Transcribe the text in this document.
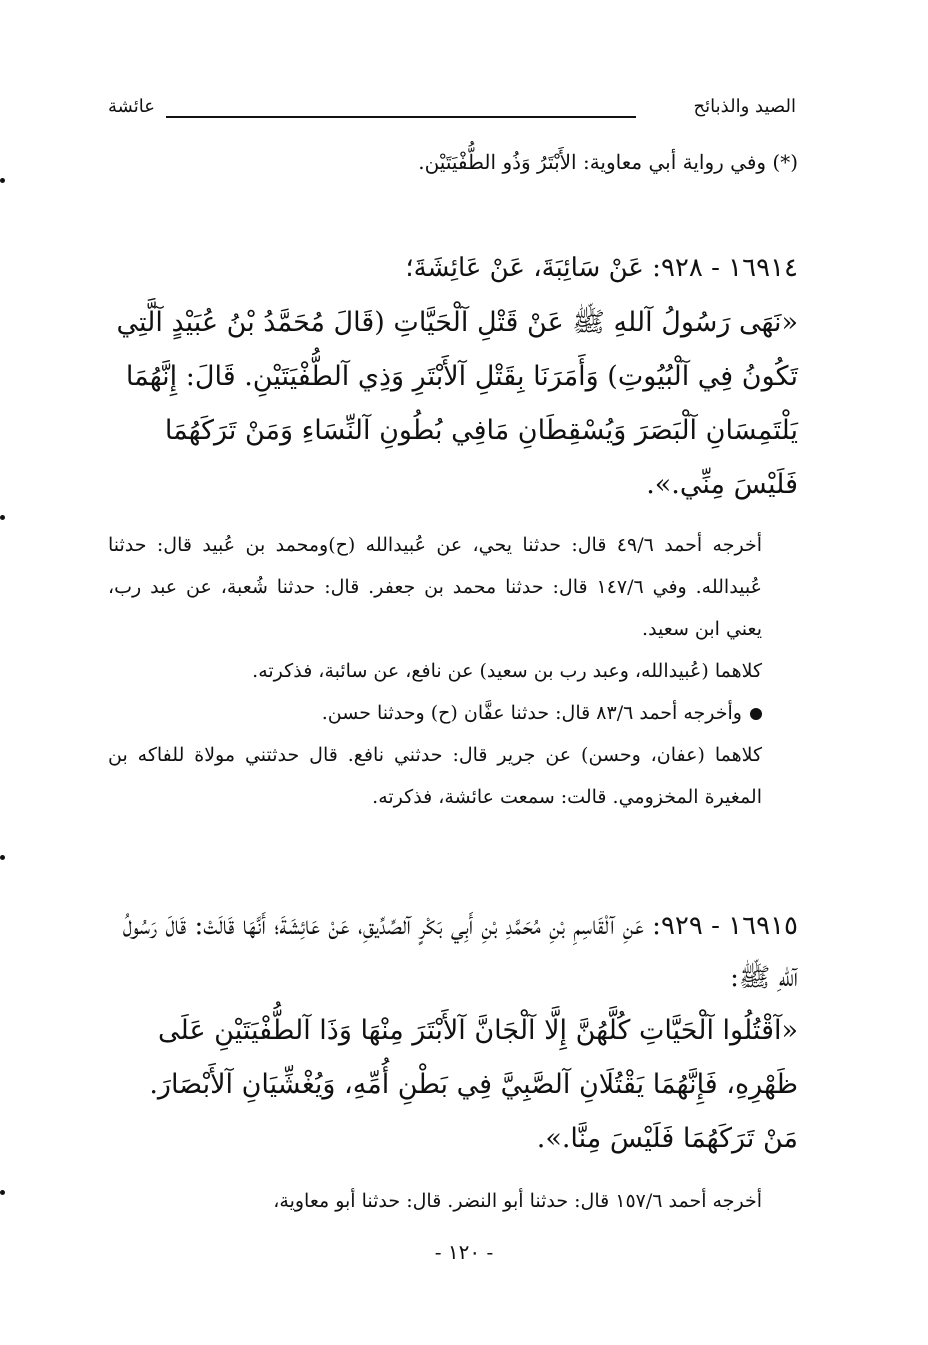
الصيد والذبائح
عائشة
(*) وفي رواية أبي معاوية: الأَبْتَرُ وَذُو الطُّفْيَتَيْن.
١٦٩١٤ - ٩٢٨: عَنْ سَائِبَةَ، عَنْ عَائِشَةَ؛
«نَهَى رَسُولُ آللهِ ﷺ عَنْ قَتْلِ آلْحَيَّاتِ (قَالَ مُحَمَّدُ بْنُ عُبَيْدٍ آلَّتِي تَكُونُ فِي آلْبُيُوتِ) وَأَمَرَنَا بِقَتْلِ آلأَبْتَرِ وَذِي آلطُّفْيَتَيْنِ. قَالَ: إِنَّهُمَا يَلْتَمِسَانِ آلْبَصَرَ وَيُسْقِطَانِ مَافِي بُطُونِ آلنِّسَاءِ وَمَنْ تَرَكَهُمَا فَلَيْسَ مِنِّي.».
أخرجه أحمد ٤٩/٦ قال: حدثنا يحي، عن عُبيدالله (ح)ومحمد بن عُبيد قال: حدثنا عُبيدالله. وفي ١٤٧/٦ قال: حدثنا محمد بن جعفر. قال: حدثنا شُعبة، عن عبد رب، يعني ابن سعيد.
كلاهما (عُبيدالله، وعبد رب بن سعيد) عن نافع، عن سائبة، فذكرته.
وأخرجه أحمد ٨٣/٦ قال: حدثنا عفَّان (ح) وحدثنا حسن.
كلاهما (عفان، وحسن) عن جرير قال: حدثني نافع. قال حدثتني مولاة للفاكه بن المغيرة المخزومي. قالت: سمعت عائشة، فذكرته.
١٦٩١٥ - ٩٢٩: عَنِ آلْقَاسِمِ بْنِ مُحَمَّدِ بْنِ أَبِي بَكْرٍ آلصِّدِّيقِ، عَنْ عَائِشَةَ؛ أَنَّهَا قَالَتْ: قَالَ رَسُولُ آللهِ ﷺ:
«آقْتُلُوا آلْحَيَّاتِ كُلَّهُنَّ إِلَّا آلْجَانَّ آلأَبْتَرَ مِنْهَا وَذَا آلطُّفْيَتَيْنِ عَلَى ظَهْرِهِ، فَإِنَّهُمَا يَقْتُلَانِ آلصَّبِيَّ فِي بَطْنِ أُمِّهِ، وَيُغْشِّيَانِ آلأَبْصَارَ. مَنْ تَرَكَهُمَا فَلَيْسَ مِنَّا.».
أخرجه أحمد ١٥٧/٦ قال: حدثنا أبو النضر. قال: حدثنا أبو معاوية،
- ١٢٠ -
